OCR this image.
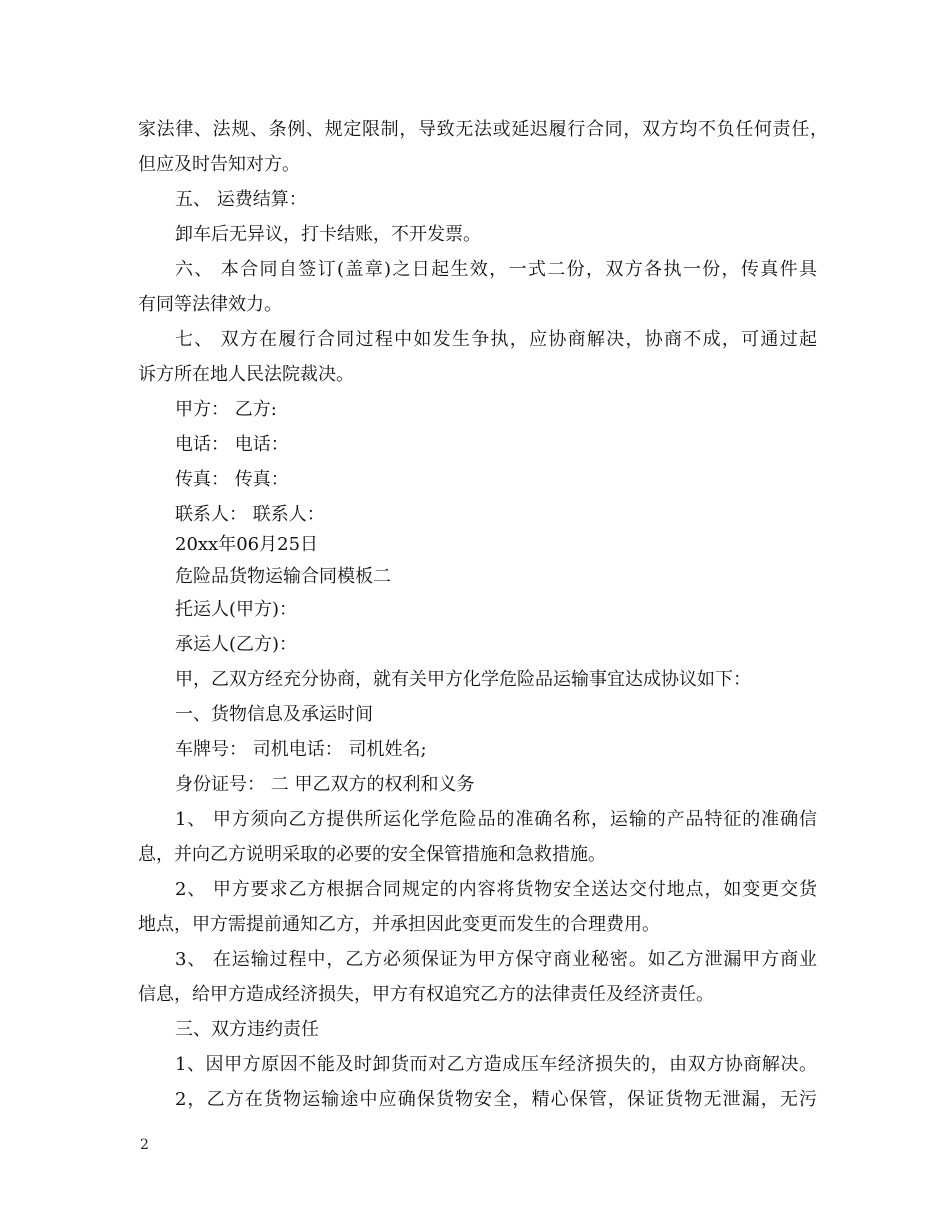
家法律、法规、条例、规定限制，导致无法或延迟履行合同，双方均不负任何责任，
但应及时告知对方。
五、 运费结算：
卸车后无异议，打卡结账，不开发票。
六、 本合同自签订(盖章)之日起生效，一式二份，双方各执一份，传真件具
有同等法律效力。
七、 双方在履行合同过程中如发生争执，应协商解决，协商不成，可通过起
诉方所在地人民法院裁决。
甲方： 乙方:
电话： 电话：
传真： 传真：
联系人： 联系人：
20xx年06月25日
危险品货物运输合同模板二
托运人(甲方)：
承运人(乙方)：
甲，乙双方经充分协商，就有关甲方化学危险品运输事宜达成协议如下：
一、货物信息及承运时间
车牌号： 司机电话： 司机姓名;
身份证号： 二 甲乙双方的权利和义务
1、 甲方须向乙方提供所运化学危险品的准确名称，运输的产品特征的准确信
息，并向乙方说明采取的必要的安全保管措施和急救措施。
2、 甲方要求乙方根据合同规定的内容将货物安全送达交付地点，如变更交货
地点，甲方需提前通知乙方，并承担因此变更而发生的合理费用。
3、 在运输过程中，乙方必须保证为甲方保守商业秘密。如乙方泄漏甲方商业
信息，给甲方造成经济损失，甲方有权追究乙方的法律责任及经济责任。
三、双方违约责任
1、因甲方原因不能及时卸货而对乙方造成压车经济损失的，由双方协商解决。
2，乙方在货物运输途中应确保货物安全，精心保管，保证货物无泄漏，无污
2
